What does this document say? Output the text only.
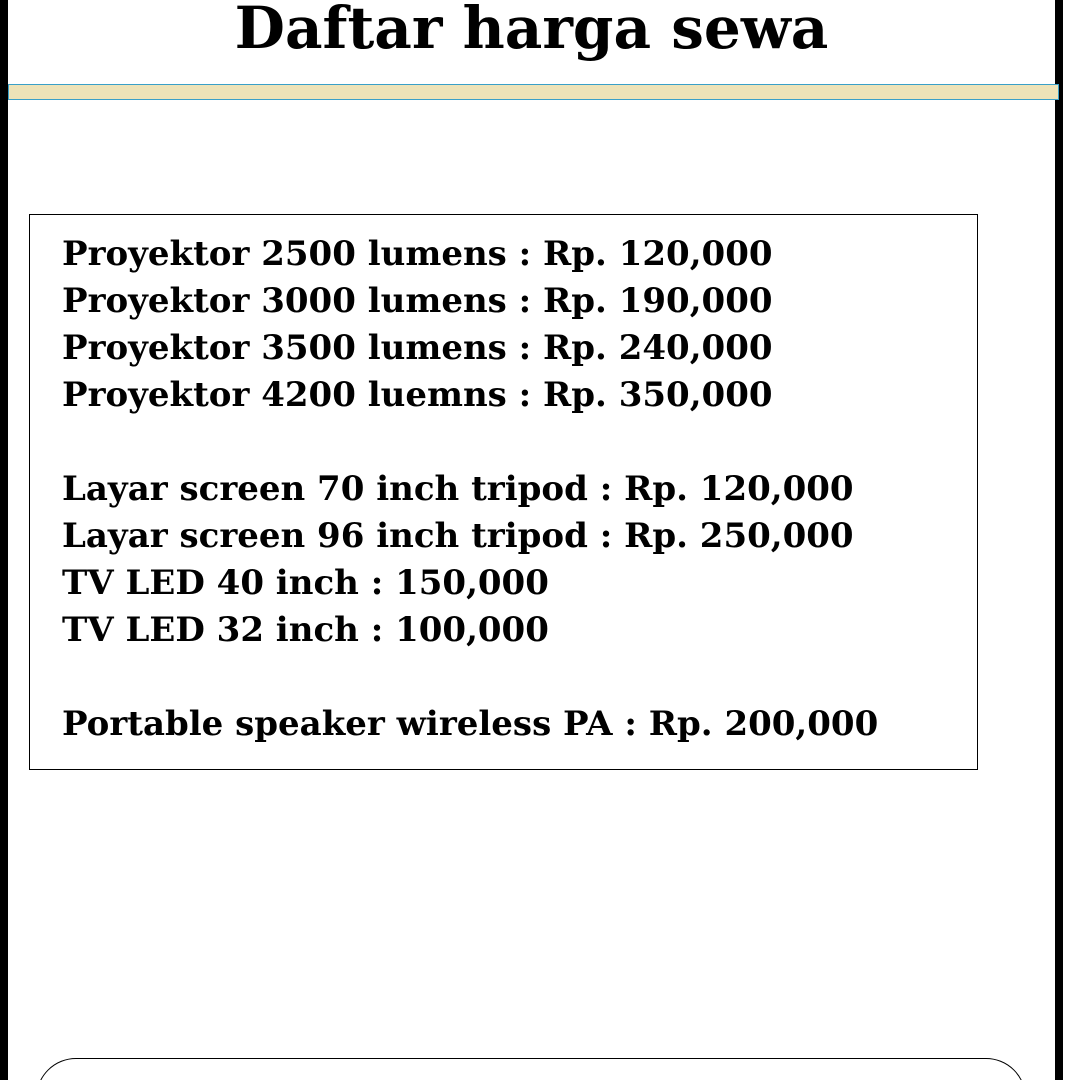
Daftar harga sewa
Proyektor 2500 lumens : Rp. 120,000
Proyektor 3000 lumens : Rp. 190,000
Proyektor 3500 lumens : Rp. 240,000
Proyektor 4200 luemns : Rp. 350,000
Layar screen 70 inch tripod : Rp. 120,000
Layar screen 96 inch tripod : Rp. 250,000
TV LED 40 inch : 150,000
TV LED 32 inch : 100,000
Portable speaker wireless PA : Rp. 200,000
